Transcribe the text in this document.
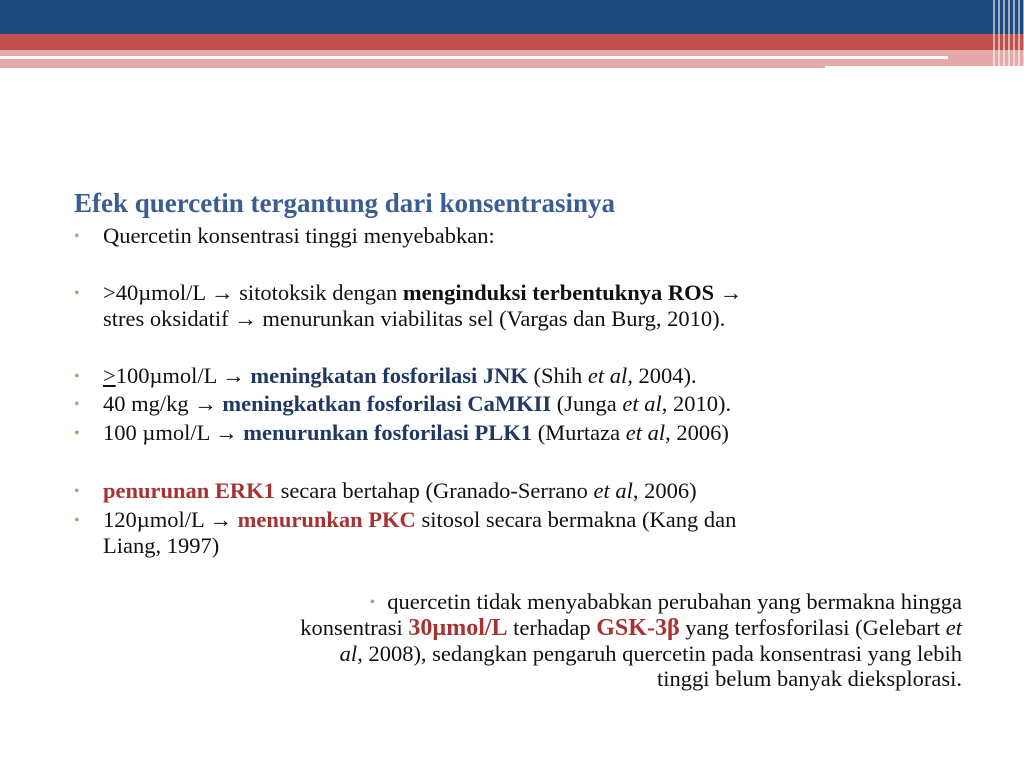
Efek quercetin tergantung dari konsentrasinya
• Quercetin konsentrasi tinggi menyebabkan:
• >40µmol/L → sitotoksik dengan menginduksi terbentuknya ROS →
stres oksidatif → menurunkan viabilitas sel (Vargas dan Burg, 2010).
• >100µmol/L → meningkatan fosforilasi JNK (Shih et al, 2004).
• 40 mg/kg → meningkatkan fosforilasi CaMKII (Junga et al, 2010).
• 100 µmol/L → menurunkan fosforilasi PLK1 (Murtaza et al, 2006)
• penurunan ERK1 secara bertahap (Granado-Serrano et al, 2006)
• 120µmol/L → menurunkan PKC sitosol secara bermakna (Kang dan
Liang, 1997)
• quercetin tidak menyababkan perubahan yang bermakna hingga
konsentrasi 30µmol/L terhadap GSK-3β yang terfosforilasi (Gelebart et
al, 2008), sedangkan pengaruh quercetin pada konsentrasi yang lebih
tinggi belum banyak dieksplorasi.
